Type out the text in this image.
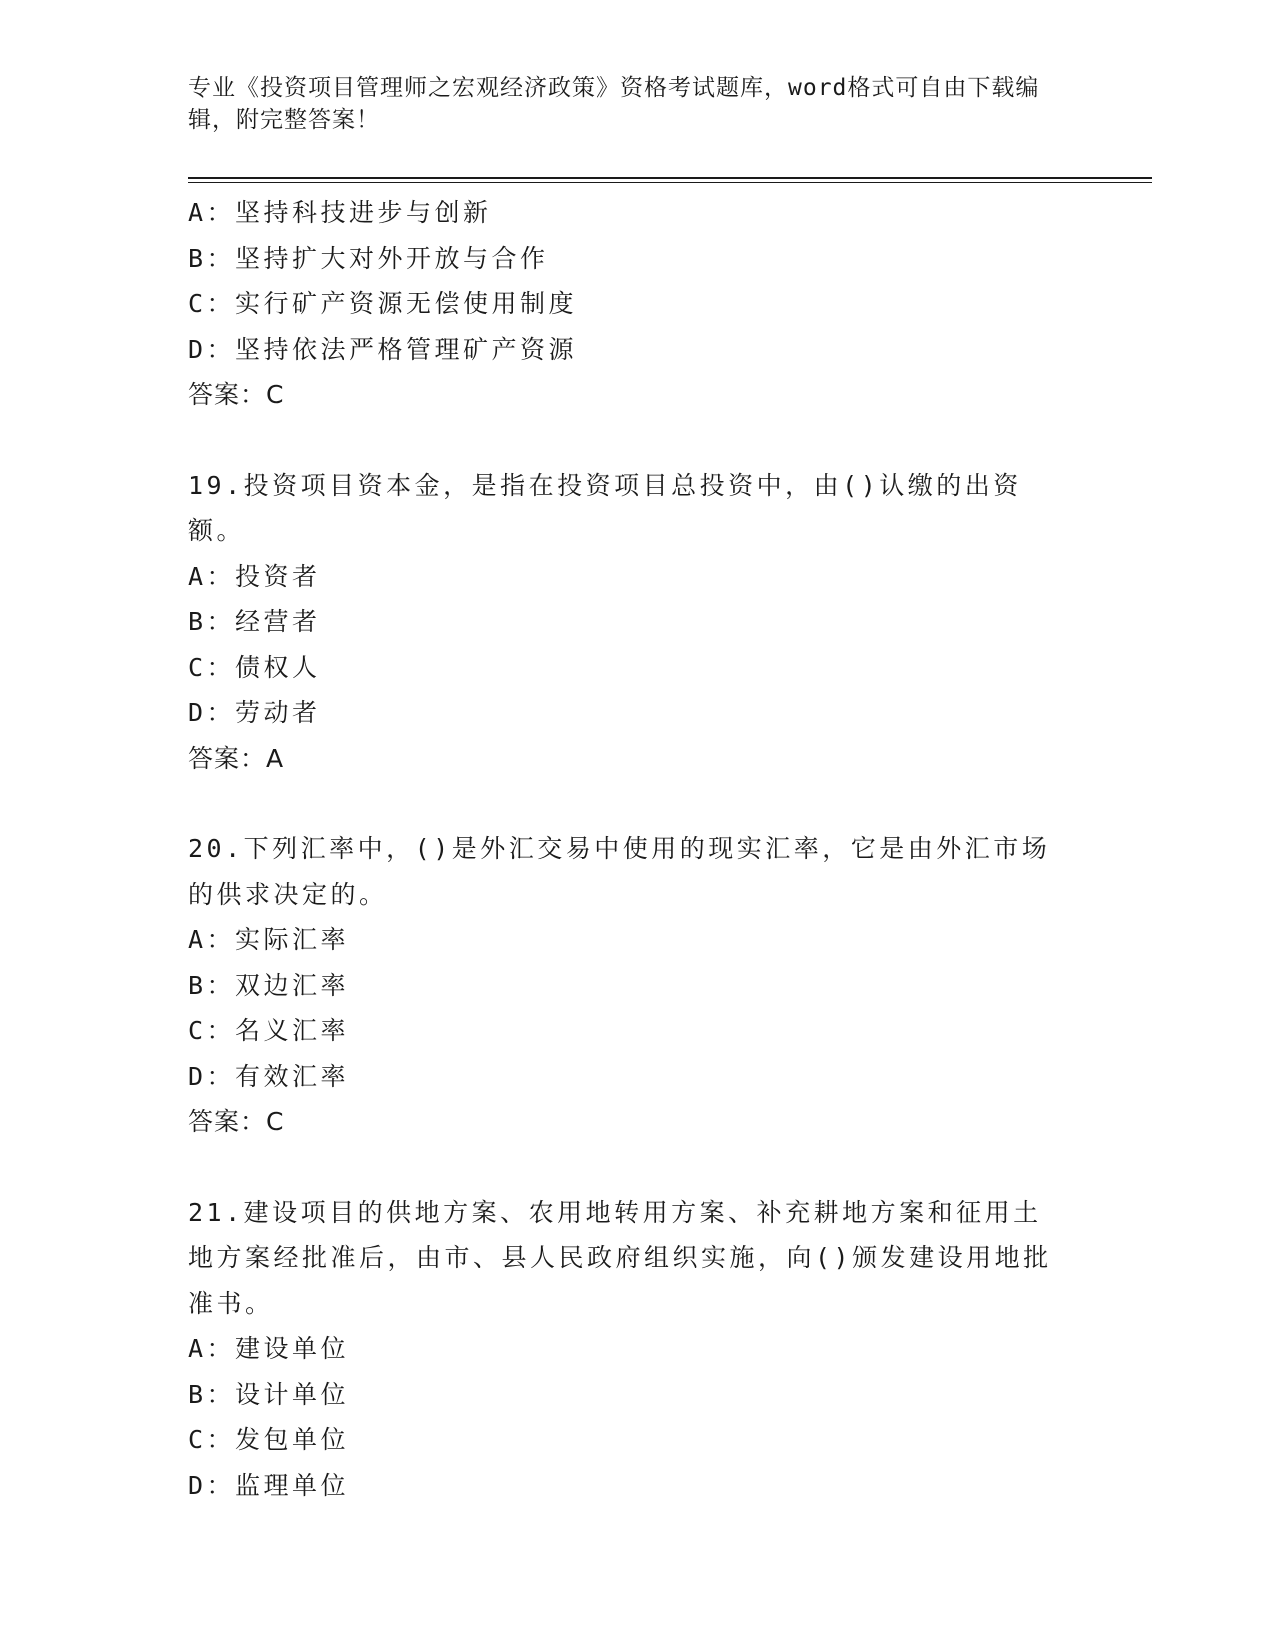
专业《投资项目管理师之宏观经济政策》资格考试题库，word格式可自由下载编辑，附完整答案！
A：坚持科技进步与创新
B：坚持扩大对外开放与合作
C：实行矿产资源无偿使用制度
D：坚持依法严格管理矿产资源
答案：C
19.投资项目资本金，是指在投资项目总投资中，由()认缴的出资额。
A：投资者
B：经营者
C：债权人
D：劳动者
答案：A
20.下列汇率中，()是外汇交易中使用的现实汇率，它是由外汇市场的供求决定的。
A：实际汇率
B：双边汇率
C：名义汇率
D：有效汇率
答案：C
21.建设项目的供地方案、农用地转用方案、补充耕地方案和征用土地方案经批准后，由市、县人民政府组织实施，向()颁发建设用地批准书。
A：建设单位
B：设计单位
C：发包单位
D：监理单位
